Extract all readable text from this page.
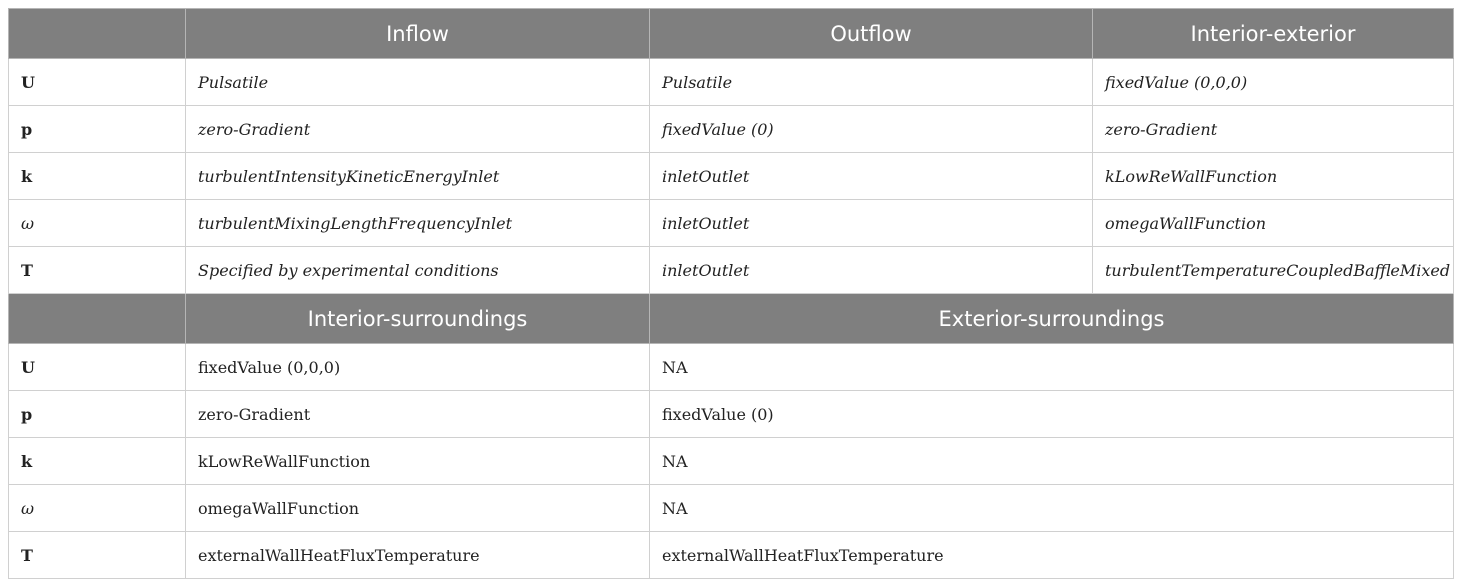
	Inflow	Outflow	Interior-exterior
U	Pulsatile	Pulsatile	fixedValue (0,0,0)
p	zero-Gradient	fixedValue (0)	zero-Gradient
k	turbulentIntensityKineticEnergyInlet	inletOutlet	kLowReWallFunction
ω	turbulentMixingLengthFrequencyInlet	inletOutlet	omegaWallFunction
T	Specified by experimental conditions	inletOutlet	turbulentTemperatureCoupledBaffleMixed
	Interior-surroundings	Exterior-surroundings	
U	fixedValue (0,0,0)	NA	
p	zero-Gradient	fixedValue (0)	
k	kLowReWallFunction	NA	
ω	omegaWallFunction	NA	
T	externalWallHeatFluxTemperature	externalWallHeatFluxTemperature	
